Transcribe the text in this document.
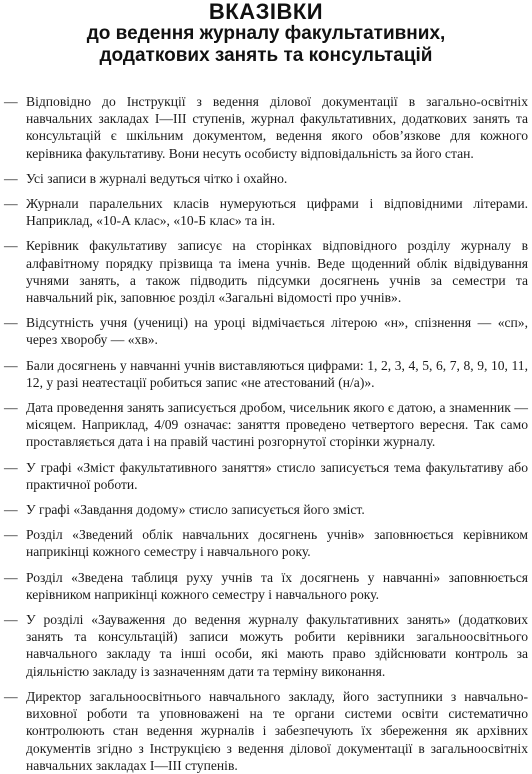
ВКАЗІВКИ
до ведення журналу факультативних,
додаткових занять та консультацій
— Відповідно до Інструкції з ведення ділової документації в загально-освітніх навчальних закладах I—III ступенів, журнал факультативних, додаткових занять та консультацій є шкільним документом, ведення якого обов’язкове для кожного керівника факультативу. Вони несуть особисту відповідальність за його стан.
— Усі записи в журналі ведуться чітко і охайно.
— Журнали паралельних класів нумеруються цифрами і відповідними літерами. Наприклад, «10-А клас», «10-Б клас» та ін.
— Керівник факультативу записує на сторінках відповідного розділу журналу в алфавітному порядку прізвища та імена учнів. Веде щоденний облік відвідування учнями занять, а також підводить підсумки досягнень учнів за семестри та навчальний рік, заповнює розділ «Загальні відомості про учнів».
— Відсутність учня (учениці) на уроці відмічається літерою «н», спізнення — «сп», через хворобу — «хв».
— Бали досягнень у навчанні учнів виставляються цифрами: 1, 2, 3, 4, 5, 6, 7, 8, 9, 10, 11, 12, у разі неатестації робиться запис «не атестований (н/а)».
— Дата проведення занять записується дробом, чисельник якого є датою, а знаменник — місяцем. Наприклад, 4/09 означає: заняття проведено четвертого вересня. Так само проставляється дата і на правій частині розгорнутої сторінки журналу.
— У графі «Зміст факультативного заняття» стисло записується тема факультативу або практичної роботи.
— У графі «Завдання додому» стисло записується його зміст.
— Розділ «Зведений облік навчальних досягнень учнів» заповнюється керівником наприкінці кожного семестру і навчального року.
— Розділ «Зведена таблиця руху учнів та їх досягнень у навчанні» заповнюється керівником наприкінці кожного семестру і навчального року.
— У розділі «Зауваження до ведення журналу факультативних занять» (додаткових занять та консультацій) записи можуть робити керівники загальноосвітнього навчального закладу та інші особи, які мають право здійснювати контроль за діяльністю закладу із зазначенням дати та терміну виконання.
— Директор загальноосвітнього навчального закладу, його заступники з навчально-виховної роботи та уповноважені на те органи системи освіти систематично контролюють стан ведення журналів і забезпечують їх збереження як архівних документів згідно з Інструкцією з ведення ділової документації в загальноосвітніх навчальних закладах I—III ступенів.
